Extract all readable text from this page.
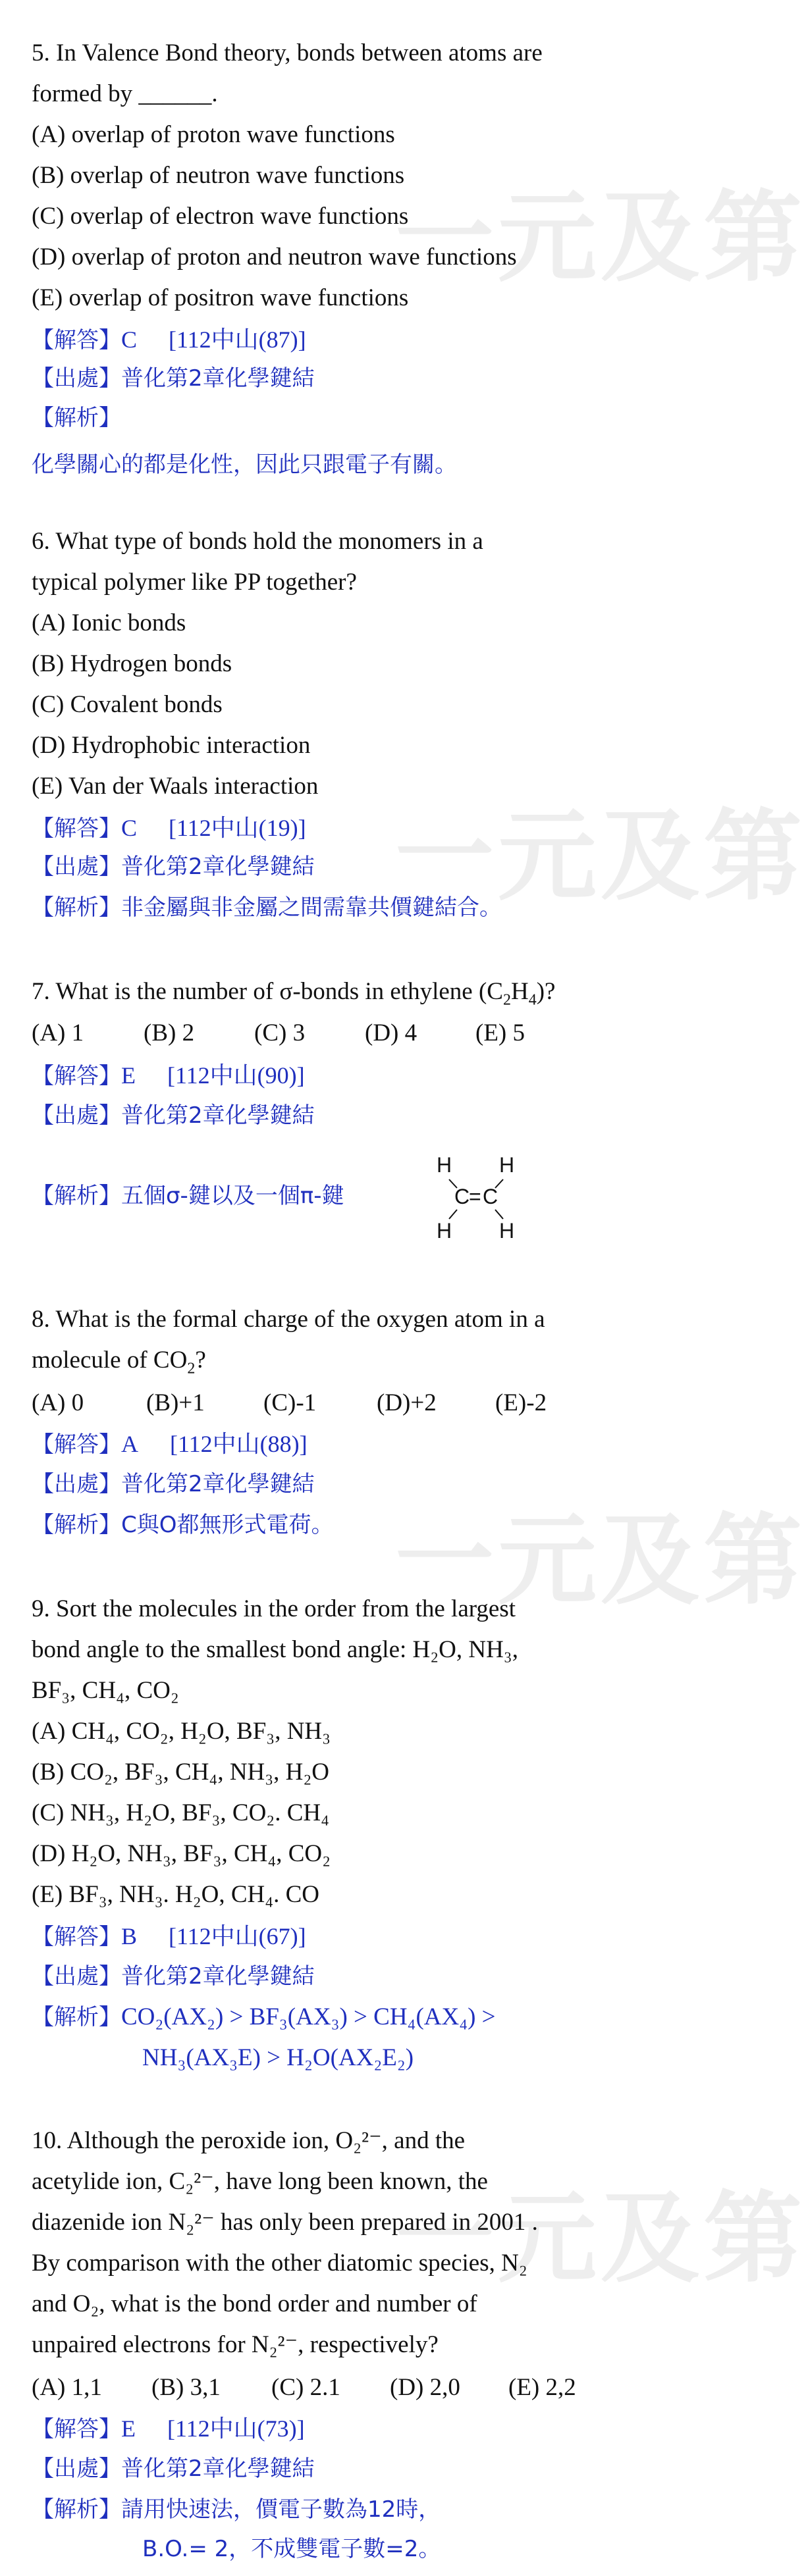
一元及第
一元及第
一元及第
一元及第
5. In Valence Bond theory, bonds between atoms are
formed by ______.
(A) overlap of proton wave functions
(B) overlap of neutron wave functions
(C) overlap of electron wave functions
(D) overlap of proton and neutron wave functions
(E) overlap of positron wave functions
【解答】C [112中山(87)]
【出處】普化第2章化學鍵結
【解析】
化學關心的都是化性，因此只跟電子有關。
6. What type of bonds hold the monomers in a
typical polymer like PP together?
(A) Ionic bonds
(B) Hydrogen bonds
(C) Covalent bonds
(D) Hydrophobic interaction
(E) Van der Waals interaction
【解答】C [112中山(19)]
【出處】普化第2章化學鍵結
【解析】非金屬與非金屬之間需靠共價鍵結合。
7. What is the number of σ-bonds in ethylene $(C_2H_4)$?
(A) 1 (B) 2 (C) 3 (D) 4 (E) 5
【解答】E [112中山(90)]
【出處】普化第2章化學鍵結
【解析】五個σ-鍵以及一個π-鍵
H H
C
= C
H H
8. What is the formal charge of the oxygen atom in a
molecule of $CO_2$?
(A) 0	(B)+1 (C)-1 (D)+2 (E)-2
【解答】A [112中山(88)]
【出處】普化第2章化學鍵結
【解析】C與O都無形式電荷。
9. Sort the molecules in the order from the largest
bond angle to the smallest bond angle: H₂O, NH₃,
BF₃, CH₄, CO₂
(A) CH₄, CO₂, H₂O, BF₃, NH₃
(B) CO₂, BF₃, CH₄, NH₃, H₂O
(C) NH₃, H₂O, BF₃, CO₂. CH₄
(D) H₂O, NH₃, BF₃, CH₄, CO₂
(E) BF₃, NH₃. H₂O, CH₄. CO
【解答】B [112中山(67)]
【出處】普化第2章化學鍵結
【解析】CO₂(AX₂) > BF₃(AX₃) > CH₄(AX₄) >
NH₃(AX₃E) > H₂O(AX₂E₂)
10. Although the peroxide ion, O₂²⁻, and the
acetylide ion, C₂²⁻, have long been known, the
diazenide ion N₂²⁻ has only been prepared in 2001 .
By comparison with the other diatomic species, N₂
and O₂, what is the bond order and number of
unpaired electrons for N₂²⁻, respectively?
(A) 1,1 (B) 3,1 (C) 2.1 (D) 2,0 (E) 2,2
【解答】E [112中山(73)]
【出處】普化第2章化學鍵結
【解析】請用快速法，價電子數為12時，
B.O.= 2，不成雙電子數=2。
